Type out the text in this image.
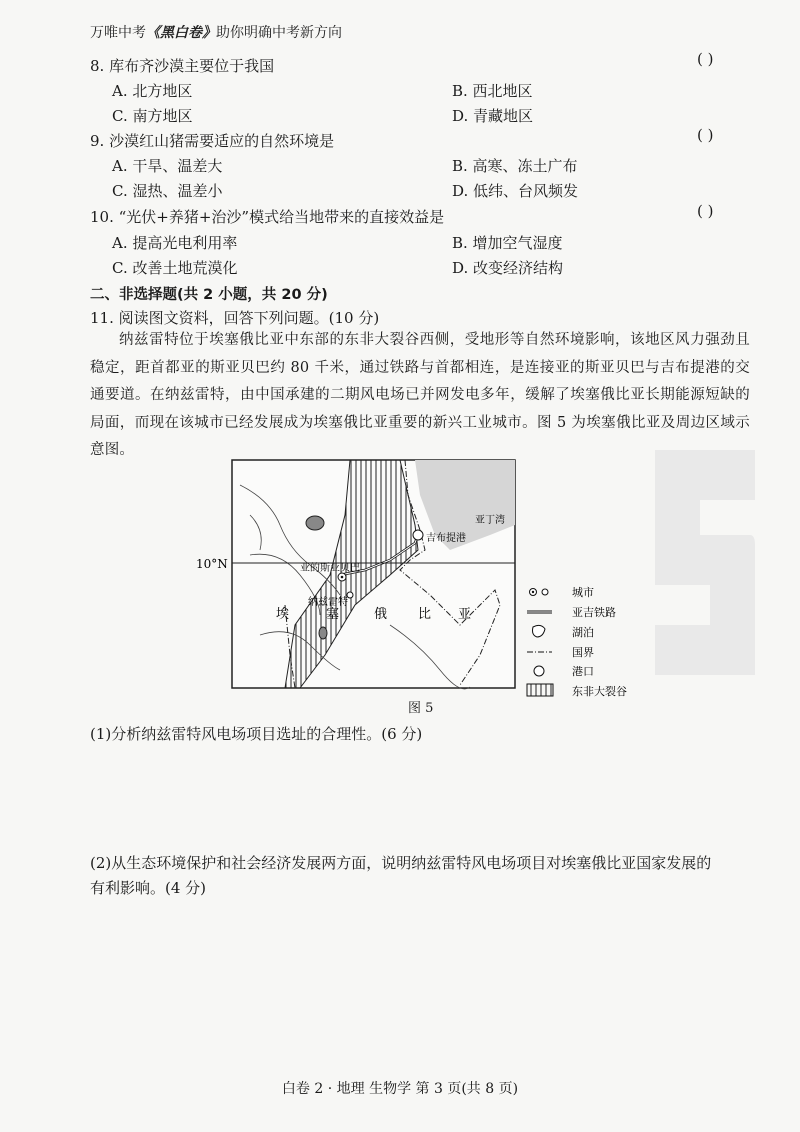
万唯中考《黑白卷》助你明确中考新方向
8. 库布齐沙漠主要位于我国	( )
A. 北方地区	B. 西北地区
C. 南方地区	D. 青藏地区
9. 沙漠红山猪需要适应的自然环境是	( )
A. 干旱、温差大	B. 高寒、冻土广布
C. 湿热、温差小	D. 低纬、台风频发
10. “光伏+养猪+治沙”模式给当地带来的直接效益是	( )
A. 提高光电利用率	B. 增加空气湿度
C. 改善土地荒漠化	D. 改变经济结构
二、非选择题(共 2 小题，共 20 分)
11. 阅读图文资料，回答下列问题。(10 分)
纳兹雷特位于埃塞俄比亚中东部的东非大裂谷西侧，受地形等自然环境影响，该地区风力强劲且稳定，距首都亚的斯亚贝巴约 80 千米，通过铁路与首都相连，是连接亚的斯亚贝巴与吉布提港的交通要道。在纳兹雷特，由中国承建的二期风电场已并网发电多年，缓解了埃塞俄比亚长期能源短缺的局面，而现在该城市已经发展成为埃塞俄比亚重要的新兴工业城市。图 5 为埃塞俄比亚及周边区域示意图。
10°N
亚丁湾
吉布提港
亚的斯亚贝巴
纳兹雷特
埃	塞	俄 比 亚
城市
亚吉铁路
湖泊
国界
港口
东非大裂谷
图 5
(1)分析纳兹雷特风电场项目选址的合理性。(6 分)
(2)从生态环境保护和社会经济发展两方面，说明纳兹雷特风电场项目对埃塞俄比亚国家发展的
有利影响。(4 分)
白卷 2 · 地理 生物学 第 3 页(共 8 页)
